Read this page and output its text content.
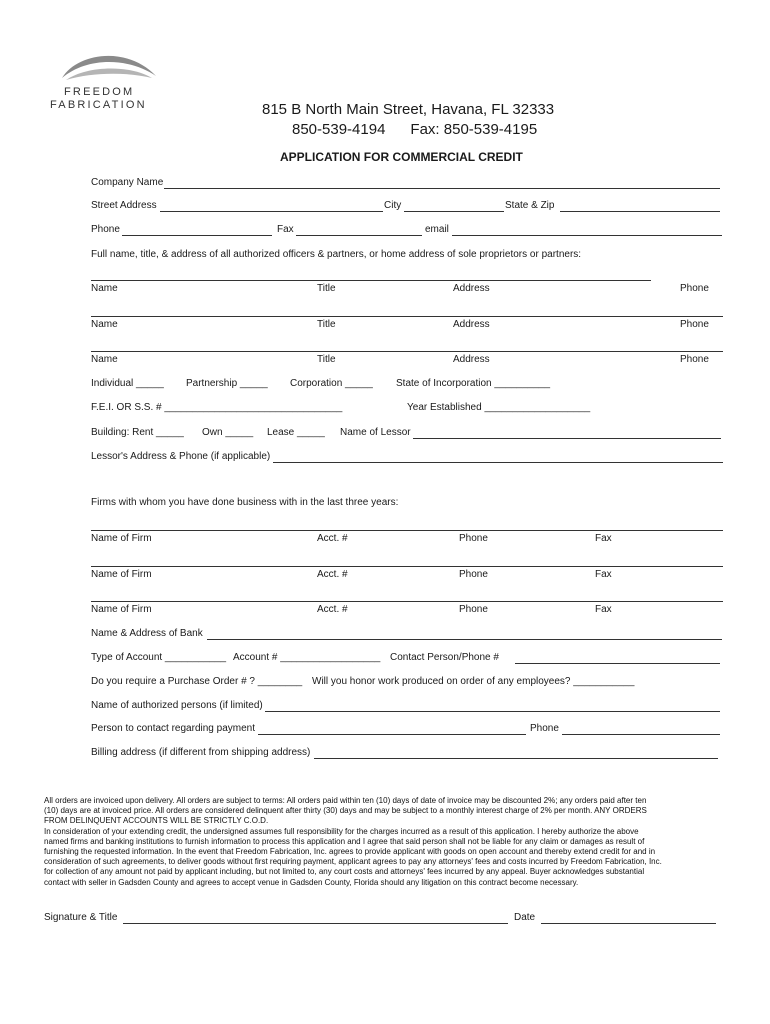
FREEDOM
FABRICATION	815 B North Main Street, Havana, FL 32333
850-539-4194      Fax: 850-539-4195
APPLICATION FOR COMMERCIAL CREDIT
Company Name
Street Address	City	State & Zip
Phone	Fax	email
Full name, title, & address of all authorized officers & partners, or home address of sole proprietors or partners:
Name	Title	Address	Phone
Name	Title	Address	Phone
Name	Title	Address	Phone
Individual _____ Partnership _____ Corporation _____ State of Incorporation __________
F.E.I. OR S.S. # ________________________________	Year Established ___________________
Building: Rent _____ Own _____ Lease _____ Name of Lessor
Lessor's Address & Phone (if applicable)
Firms with whom you have done business with in the last three years:
Name of Firm	Acct. #	Phone	Fax
Name of Firm	Acct. #	Phone	Fax
Name of Firm	Acct. #	Phone	Fax
Name & Address of Bank
Type of Account ___________ Account # __________________ Contact Person/Phone #
Do you require a Purchase Order # ? ________ Will you honor work produced on order of any employees? ___________
Name of authorized persons (if limited)
Person to contact regarding payment	Phone
Billing address (if different from shipping address)
All orders are invoiced upon delivery. All orders are subject to terms: All orders paid within ten (10) days of date of invoice may be discounted 2%; any orders paid after ten
(10) days are at invoiced price. All orders are considered delinquent after thirty (30) days and may be subject to a monthly interest charge of 2% per month. ANY ORDERS
FROM DELINQUENT ACCOUNTS WILL BE STRICTLY C.O.D.
In consideration of your extending credit, the undersigned assumes full responsibility for the charges incurred as a result of this application. I hereby authorize the above
named firms and banking institutions to furnish information to process this application and I agree that said person shall not be liable for any claim or damages as result of
furnishing the requested information. In the event that Freedom Fabrication, Inc. agrees to provide applicant with goods on open account and thereby extend credit for and in
consideration of such agreements, to deliver goods without first requiring payment, applicant agrees to pay any attorneys' fees and costs incurred by Freedom Fabrication, Inc.
for collection of any amount not paid by applicant including, but not limited to, any court costs and attorneys' fees incurred by any appeal. Buyer acknowledges substantial
contact with seller in Gadsden County and agrees to accept venue in Gadsden County, Florida should any litigation on this contract become necessary.
Signature & Title	Date
